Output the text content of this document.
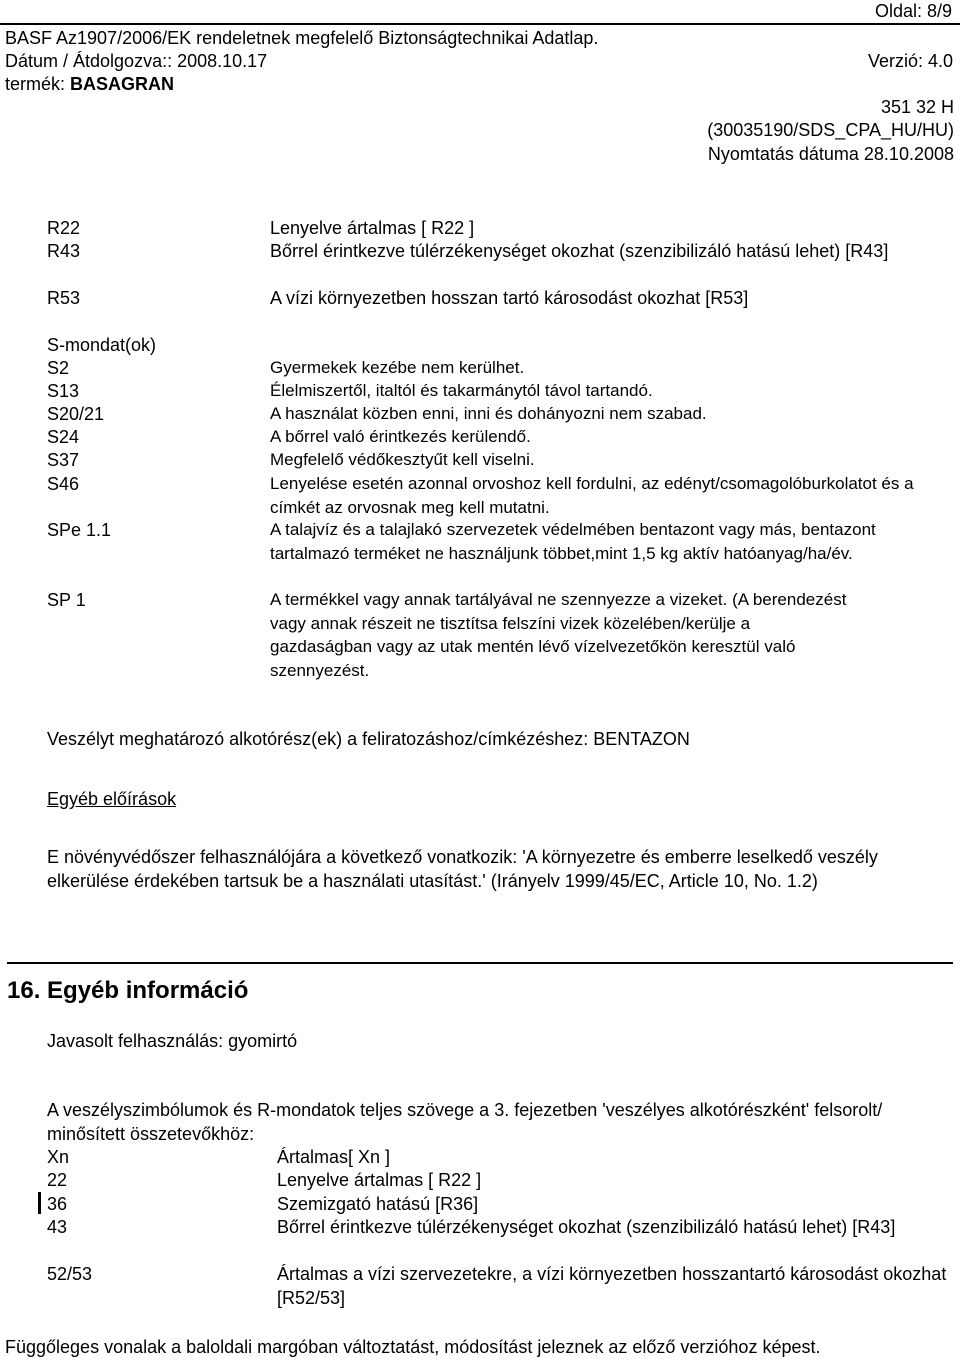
Oldal: 8/9
BASF Az1907/2006/EK rendeletnek megfelelő Biztonságtechnikai Adatlap.
Dátum / Átdolgozva:: 2008.10.17	Verzió: 4.0
termék: BASAGRAN
351 32 H
(30035190/SDS_CPA_HU/HU)
Nyomtatás dátuma 28.10.2008
R22	Lenyelve ártalmas [ R22 ]
R43	Bőrrel érintkezve túlérzékenységet okozhat (szenzibilizáló hatású lehet) [R43]
R53	A vízi környezetben hosszan tartó károsodást okozhat [R53]
S-mondat(ok)
S2	Gyermekek kezébe nem kerülhet.
S13	Élelmiszertől, italtól és takarmánytól távol tartandó.
S20/21	A használat közben enni, inni és dohányozni nem szabad.
S24	A bőrrel való érintkezés kerülendő.
S37	Megfelelő védőkesztyűt kell viselni.
S46	Lenyelése esetén azonnal orvoshoz kell fordulni, az edényt/csomagolóburkolatot és a címkét az orvosnak meg kell mutatni.
SPe 1.1	A talajvíz és a talajlakó szervezetek védelmében bentazont vagy más, bentazont tartalmazó terméket ne használjunk többet,mint 1,5 kg aktív hatóanyag/ha/év.
SP 1	A termékkel vagy annak tartályával ne szennyezze a vizeket. (A berendezést vagy annak részeit ne tisztítsa felszíni vizek közelében/kerülje a gazdaságban vagy az utak mentén lévő vízelvezetőkön keresztül való szennyezést.
Veszélyt meghatározó alkotórész(ek) a feliratozáshoz/címkézéshez: BENTAZON
Egyéb előírások
E növényvédőszer felhasználójára a következő vonatkozik: 'A környezetre és emberre leselkedő veszély elkerülése érdekében tartsuk be a használati utasítást.' (Irányelv 1999/45/EC, Article 10, No. 1.2)
16. Egyéb információ
Javasolt felhasználás: gyomirtó
A veszélyszimbólumok és R-mondatok teljes szövege a 3. fejezetben 'veszélyes alkotórészként' felsorolt/ minősített összetevőkhöz:
Xn	Ártalmas[ Xn ]
22	Lenyelve ártalmas [ R22 ]
36	Szemizgató hatású [R36]
43	Bőrrel érintkezve túlérzékenységet okozhat (szenzibilizáló hatású lehet) [R43]
52/53	Ártalmas a vízi szervezetekre, a vízi környezetben hosszantartó károsodást okozhat [R52/53]
Függőleges vonalak a baloldali margóban változtatást, módosítást jeleznek az előző verzióhoz képest.
